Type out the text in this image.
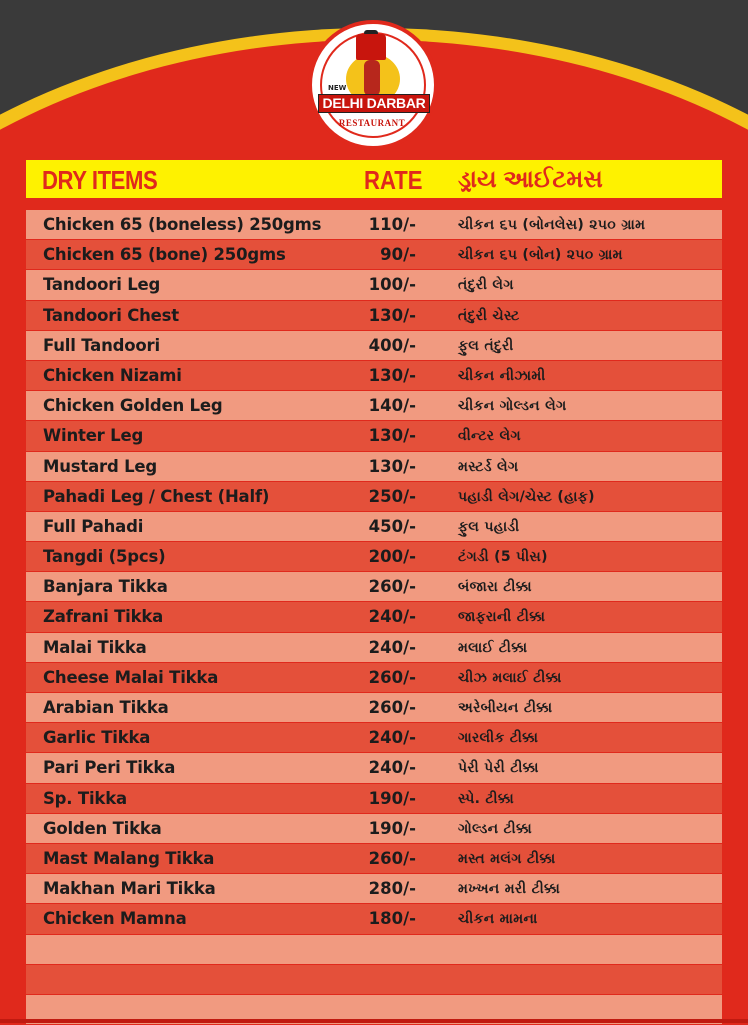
NEW
DELHI DARBAR
RESTAURANT
DRY ITEMS	RATE ડ્રાય આઈટમસ
Chicken 65 (boneless) 250gms	110/-	ચીકન ૬૫ (બોનલેસ) ૨૫૦ ગ્રામ
Chicken 65 (bone) 250gms	90/-	ચીકન ૬૫ (બોન) ૨૫૦ ગ્રામ
Tandoori Leg	100/-	તંદુરી લેગ
Tandoori Chest	130/-	તંદુરી ચેસ્ટ
Full Tandoori	400/-	ફુલ તંદુરી
Chicken Nizami	130/-	ચીકન નીઝામી
Chicken Golden Leg	140/-	ચીકન ગોલ્ડન લેગ
Winter Leg	130/-	વીન્ટર લેગ
Mustard Leg	130/-	મસ્ટર્ડ લેગ
Pahadi Leg / Chest (Half)	250/-	પહાડી લેગ/ચેસ્ટ (હાફ)
Full Pahadi	450/-	ફુલ પહાડી
Tangdi (5pcs)	200/-	ટંગડી (5 પીસ)
Banjara Tikka	260/-	બંજારા ટીક્કા
Zafrani Tikka	240/-	જાફરાની ટીક્કા
Malai Tikka	240/-	મલાઈ ટીક્કા
Cheese Malai Tikka	260/-	ચીઝ મલાઈ ટીક્કા
Arabian Tikka	260/-	અરેબીયન ટીક્કા
Garlic Tikka	240/-	ગારલીક ટીક્કા
Pari Peri Tikka	240/-	પેરી પેરી ટીક્કા
Sp. Tikka	190/-	સ્પે. ટીક્કા
Golden Tikka	190/-	ગોલ્ડન ટીક્કા
Mast Malang Tikka	260/-	મસ્ત મલંગ ટીક્કા
Makhan Mari Tikka	280/-	મખ્ખન મરી ટીક્કા
Chicken Mamna	180/-	ચીકન મામના
